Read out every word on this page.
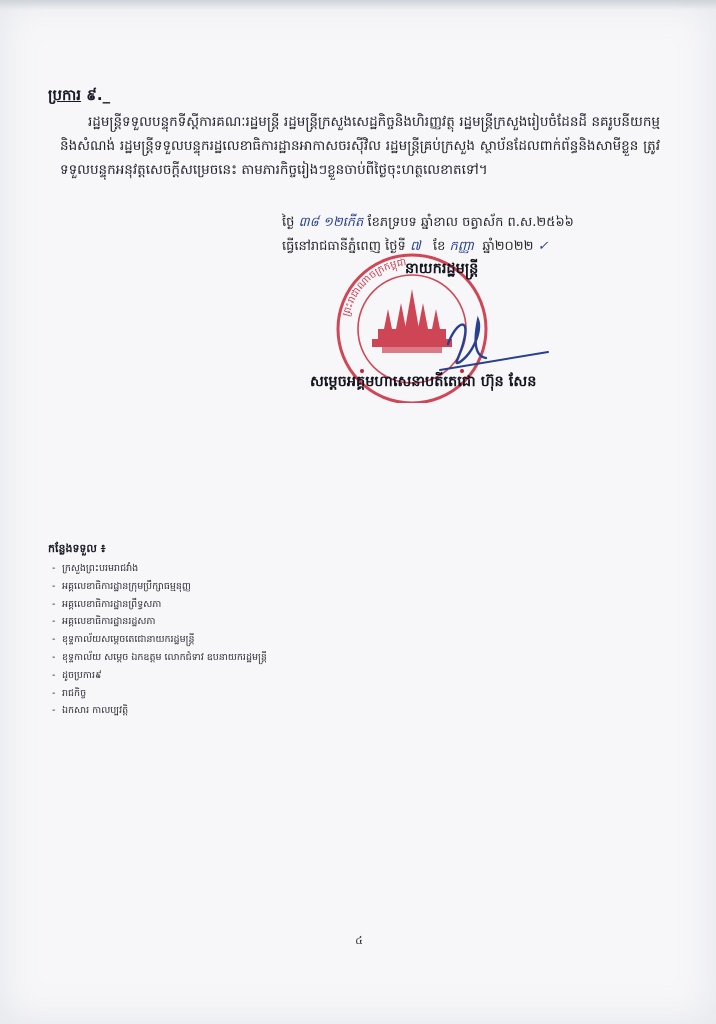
ប្រការ ៩._
រដ្ឋមន្ត្រីទទួលបន្ទុកទីស្តីការគណៈរដ្ឋមន្ត្រី រដ្ឋមន្ត្រីក្រសួងសេដ្ឋកិច្ចនិងហិរញ្ញវត្ថុ រដ្ឋមន្ត្រីក្រសួងរៀបចំដែនដី នគរូបនីយកម្មនិងសំណង់ រដ្ឋមន្ត្រីទទួលបន្ទុករដ្ឋលេខាធិការដ្ឋានអាកាសចរស៊ីវិល រដ្ឋមន្ត្រីគ្រប់ក្រសួង ស្ថាប័នដែលពាក់ព័ន្ធនិងសាមីខ្លួន ត្រូវទទួលបន្ទុកអនុវត្តសេចក្តីសម្រេចនេះ តាមភារកិច្ចរៀងៗខ្លួនចាប់ពីថ្ងៃចុះហត្ថលេខាតទៅ។
ថ្ងៃ ៣៨ ១២កើត ខែភទ្របទ ឆ្នាំខាល ចត្វាស័ក ព.ស.២៥៦៦
ធ្វើនៅរាជធានីភ្នំពេញ ថ្ងៃទី ៧ ខែ កញ្ញា ឆ្នាំ២០២២ ✓
ព្រះរាជាណាចក្រកម្ពុជា
នាយករដ្ឋមន្ត្រី
សម្តេចអគ្គមហាសេនាបតីតេជោ ហ៊ុន សែន
កន្លែងទទួល ៖
- ក្រសួងព្រះបរមរាជវាំង
- អគ្គលេខាធិការដ្ឋានក្រុមប្រឹក្សាធម្មនុញ្ញ
- អគ្គលេខាធិការដ្ឋានព្រឹទ្ធសភា
- អគ្គលេខាធិការដ្ឋានរដ្ឋសភា
- ខុទ្ទកាល័យសម្តេចតេជោនាយករដ្ឋមន្ត្រី
- ខុទ្ទកាល័យ សម្តេច ឯកឧត្តម លោកជំទាវ ឧបនាយករដ្ឋមន្ត្រី
- ដូចប្រការ៩
- រាជកិច្ច
- ឯកសារ កាលប្បវត្តិ
៤
